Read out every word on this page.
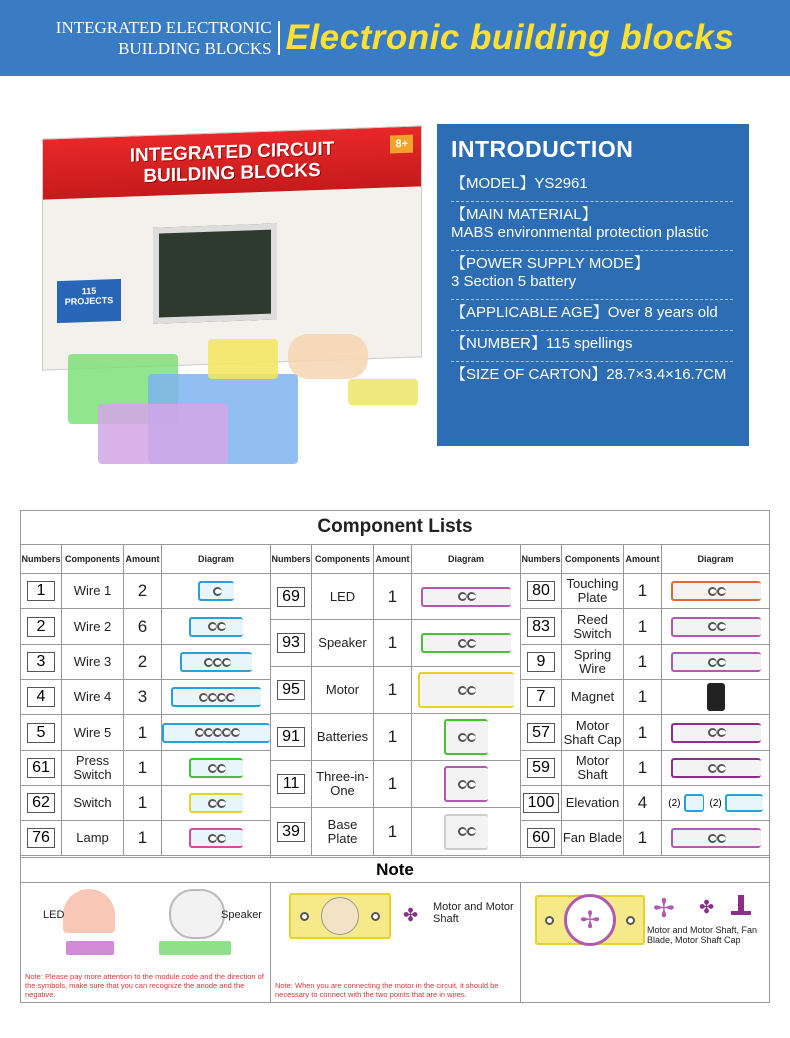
INTEGRATED ELECTRONIC
BUILDING BLOCKS Electronic building blocks
INTEGRATED CIRCUIT
BUILDING BLOCKS
8+
115 PROJECTS
INTRODUCTION
【MODEL】YS2961
【MAIN MATERIAL】
MABS environmental protection plastic
【POWER SUPPLY MODE】
3 Section 5 battery
【APPLICABLE AGE】Over 8 years old
【NUMBER】115 spellings
【SIZE OF CARTON】28.7×3.4×16.7CM
Component Lists
Numbers Components Amount	Diagram
1	Wire 1	2
2	Wire 2	6
3	Wire 3	2
4	Wire 4	3
5	Wire 5	1
61	Press Switch	1
62	Switch	1
76	Lamp	1
Numbers Components Amount	Diagram
69	LED	1
93	Speaker	1
95	Motor	1
91	Batteries	1
11	Three-in-One	1
39	Base Plate	1
Numbers Components Amount	Diagram
80	Touching Plate	1
83	Reed Switch	1
9	Spring Wire	1
7	Magnet	1
57	Motor Shaft Cap 1
59	Motor Shaft	1
100 Elevation	4	(2)	(2)
60 Fan Blade 1
Note
LED	Speaker
Note: Please pay more attention to the module code and the direction of the symbols, make sure that you can recognize the anode and the negative.
✤ Motor and Motor Shaft
Note: When you are connecting the motor in the circuit, it should be necessary to connect with the two points that are in wires.
✢	✢ ✤
Motor and Motor Shaft, Fan Blade, Motor Shaft Cap
